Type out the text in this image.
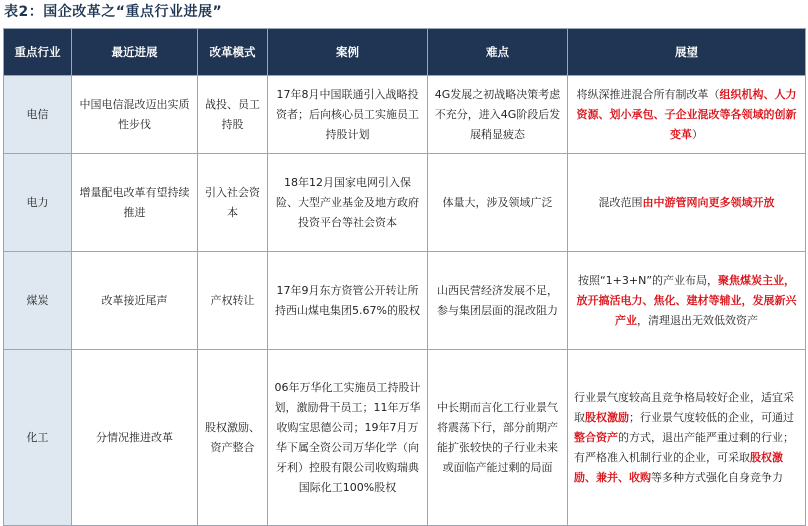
表2：国企改革之“重点行业进展”
重点行业	最近进展	改革模式	案例	难点	展望
电信	中国电信混改迈出实质性步伐	战投、员工持股	17年8月中国联通引入战略投资者；后向核心员工实施员工持股计划	4G发展之初战略决策考虑不充分，进入4G阶段后发展稍显疲态	将纵深推进混合所有制改革（组织机构、人力资源、划小承包、子企业混改等各领域的创新变革）
电力	增量配电改革有望持续推进	引入社会资本	18年12月国家电网引入保险、大型产业基金及地方政府投资平台等社会资本	体量大，涉及领域广泛	混改范围由中游管网向更多领域开放
煤炭	改革接近尾声	产权转让	17年9月东方资管公开转让所持西山煤电集团5.67%的股权	山西民营经济发展不足，参与集团层面的混改阻力	按照“1+3+N”的产业布局，聚焦煤炭主业，放开搞活电力、焦化、建材等辅业，发展新兴产业，清理退出无效低效资产
化工	分情况推进改革	股权激励、资产整合	06年万华化工实施员工持股计划，激励骨干员工；11年万华收购宝思德公司；19年7月万华下属全资公司万华化学（向牙利）控股有限公司收购瑞典国际化工100%股权	中长期而言化工行业景气将震荡下行，部分前期产能扩张较快的子行业未来或面临产能过剩的局面	行业景气度较高且竞争格局较好企业，适宜采取股权激励；行业景气度较低的企业，可通过整合资产的方式，退出产能严重过剩的行业；有严格准入机制行业的企业，可采取股权激励、兼并、收购等多种方式强化自身竞争力
